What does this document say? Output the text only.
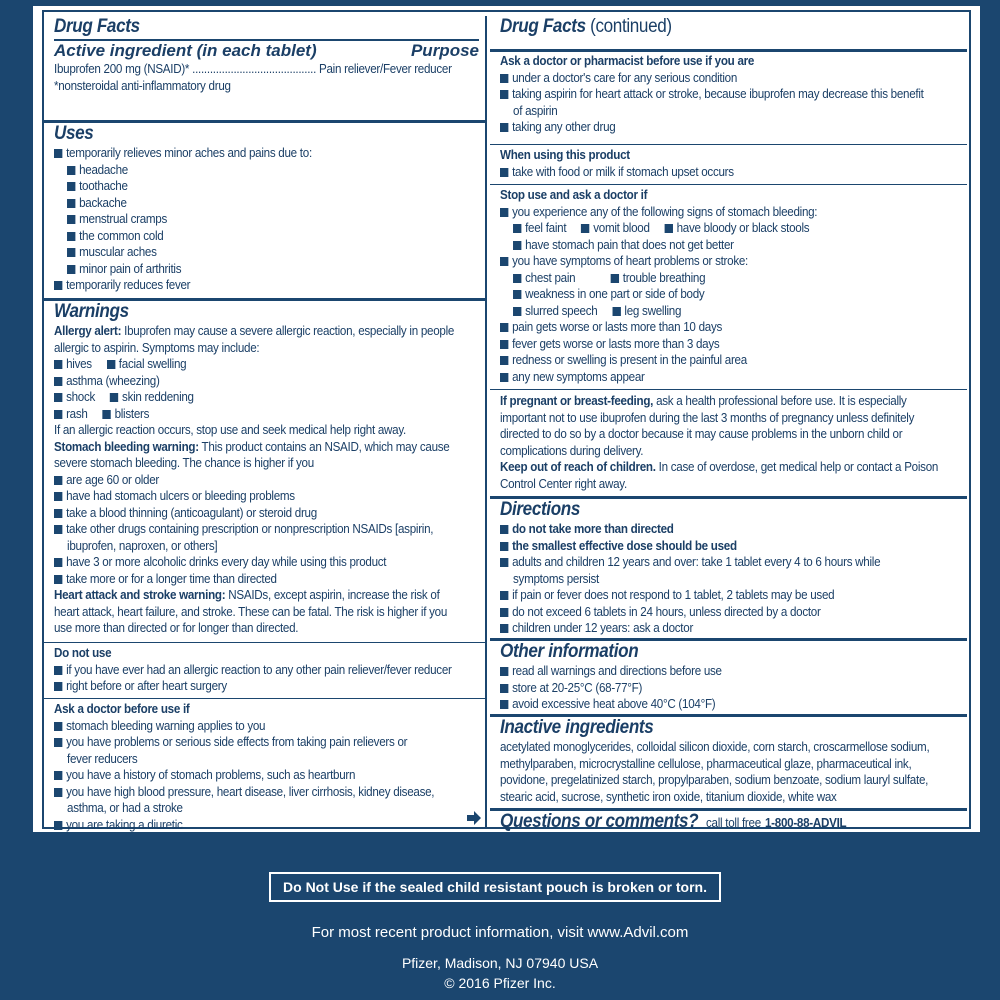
Drug Facts
Active ingredient (in each tablet)	Purpose
Ibuprofen 200 mg (NSAID)* .......................................... Pain reliever/Fever reducer
*nonsteroidal anti-inflammatory drug
Uses
temporarily relieves minor aches and pains due to:
headache
toothache
backache
menstrual cramps
the common cold
muscular aches
minor pain of arthritis
temporarily reduces fever
Warnings
Allergy alert: Ibuprofen may cause a severe allergic reaction, especially in people
allergic to aspirin. Symptoms may include:
hives facial swelling
asthma (wheezing)
shock skin reddening
rash blisters
If an allergic reaction occurs, stop use and seek medical help right away.
Stomach bleeding warning: This product contains an NSAID, which may cause
severe stomach bleeding. The chance is higher if you
are age 60 or older
have had stomach ulcers or bleeding problems
take a blood thinning (anticoagulant) or steroid drug
take other drugs containing prescription or nonprescription NSAIDs [aspirin,
ibuprofen, naproxen, or others]
have 3 or more alcoholic drinks every day while using this product
take more or for a longer time than directed
Heart attack and stroke warning: NSAIDs, except aspirin, increase the risk of
heart attack, heart failure, and stroke. These can be fatal. The risk is higher if you
use more than directed or for longer than directed.
Do not use
if you have ever had an allergic reaction to any other pain reliever/fever reducer
right before or after heart surgery
Ask a doctor before use if
stomach bleeding warning applies to you
you have problems or serious side effects from taking pain relievers or
fever reducers
you have a history of stomach problems, such as heartburn
you have high blood pressure, heart disease, liver cirrhosis, kidney disease,
asthma, or had a stroke
you are taking a diuretic
Drug Facts (continued)
Ask a doctor or pharmacist before use if you are
under a doctor's care for any serious condition
taking aspirin for heart attack or stroke, because ibuprofen may decrease this benefit
of aspirin
taking any other drug
When using this product
take with food or milk if stomach upset occurs
Stop use and ask a doctor if
you experience any of the following signs of stomach bleeding:
feel faint vomit blood have bloody or black stools
have stomach pain that does not get better
you have symptoms of heart problems or stroke:
chest pain	trouble breathing
weakness in one part or side of body
slurred speech leg swelling
pain gets worse or lasts more than 10 days
fever gets worse or lasts more than 3 days
redness or swelling is present in the painful area
any new symptoms appear
If pregnant or breast-feeding, ask a health professional before use. It is especially
important not to use ibuprofen during the last 3 months of pregnancy unless definitely
directed to do so by a doctor because it may cause problems in the unborn child or
complications during delivery.
Keep out of reach of children. In case of overdose, get medical help or contact a Poison
Control Center right away.
Directions
do not take more than directed
the smallest effective dose should be used
adults and children 12 years and over: take 1 tablet every 4 to 6 hours while
symptoms persist
if pain or fever does not respond to 1 tablet, 2 tablets may be used
do not exceed 6 tablets in 24 hours, unless directed by a doctor
children under 12 years: ask a doctor
Other information
read all warnings and directions before use
store at 20-25°C (68-77°F)
avoid excessive heat above 40°C (104°F)
Inactive ingredients
acetylated monoglycerides, colloidal silicon dioxide, corn starch, croscarmellose sodium,
methylparaben, microcrystalline cellulose, pharmaceutical glaze, pharmaceutical ink,
povidone, pregelatinized starch, propylparaben, sodium benzoate, sodium lauryl sulfate,
stearic acid, sucrose, synthetic iron oxide, titanium dioxide, white wax
Questions or comments?call toll free1-800-88-ADVIL
Do Not Use if the sealed child resistant pouch is broken or torn.
For most recent product information, visit www.Advil.com
Pfizer, Madison, NJ 07940 USA
© 2016 Pfizer Inc.
